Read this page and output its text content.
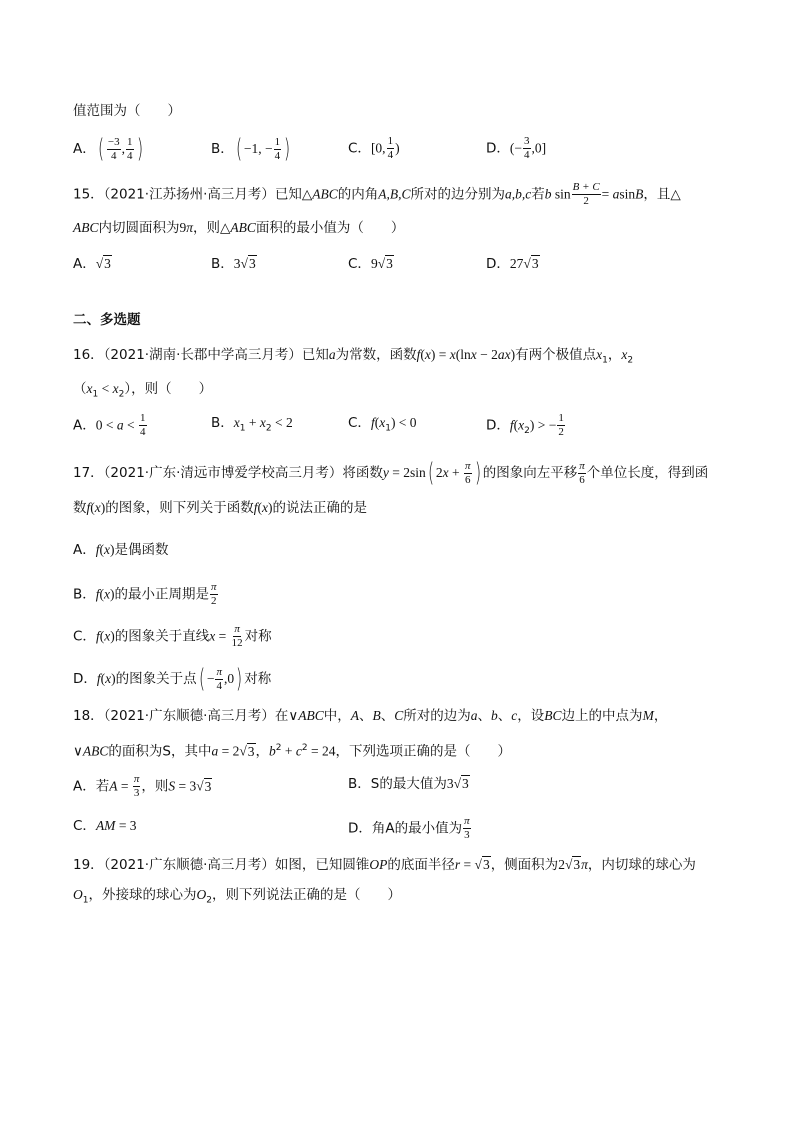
值范围为（　　）
A．( $\frac{-3}{4}$ , $\frac{1}{4}$ )	B．( −1, − $\frac{1}{4}$ )	C．[0, $\frac{1}{4}$ )	D．(− $\frac{3}{4} ,0$]
15．（2021·江苏扬州·高三月考）已知△ABC的内角A,B,C所对的边分别为a,b,c若b $\sin \frac{B + C}{2} = asinB$，且△
ABC内切圆面积为9π，则△ABC面积的最小值为（　　）
A．√3	B．3√3	C．9√3	D．27√3
二、多选题
16．（2021·湖南·长郡中学高三月考）已知a为常数，函数f(x) = x(lnx − 2ax)有两个极值点$x_1$，$x_2$
$(x_1 < x_2)$，则（　　）
A．$0 < a < \frac{1}{4}$	B．$x_1 + x_2 < 2$	C．$f(x_1) < 0$	D．$f(x_2)$ > − $\frac{1}{2}$
17．（2021·广东·清远市博爱学校高三月考）将函数y = 2sin( $2x + \frac{\pi}{6}$ ) 的图象向左平移 $\frac{\pi}{6}$ 个单位长度，得到函
数f(x)的图象，则下列关于函数f(x)的说法正确的是
A．f(x)是偶函数
B．f(x)的最小正周期是 $\frac{\pi}{2}$
C．f(x)的图象关于直线$x = \frac{\pi}{12}$ 对称
D．f(x)的图象关于点( − $\frac{\pi}{4} ,0$) 对称
18．（2021·广东顺德·高三月考）在∨ABC中，A、B、C所对的边为a、b、c，设BC边上的中点为M，
∨ABC的面积为S，其中a = 2√3，$b^2 + c^2 = 24$，下列选项正确的是（　　）
A．若$A = \frac{\pi}{3}$ ，则S = 3√3	B．S的最大值为3√3
C．AM = 3	D．角A的最小值为 $\frac{\pi}{3}$
19．（2021·广东顺德·高三月考）如图，已知圆锥OP的底面半径r = √3，侧面积为2√3π，内切球的球心为
$O_1$，外接球的球心为$O_2$，则下列说法正确的是（　　）
